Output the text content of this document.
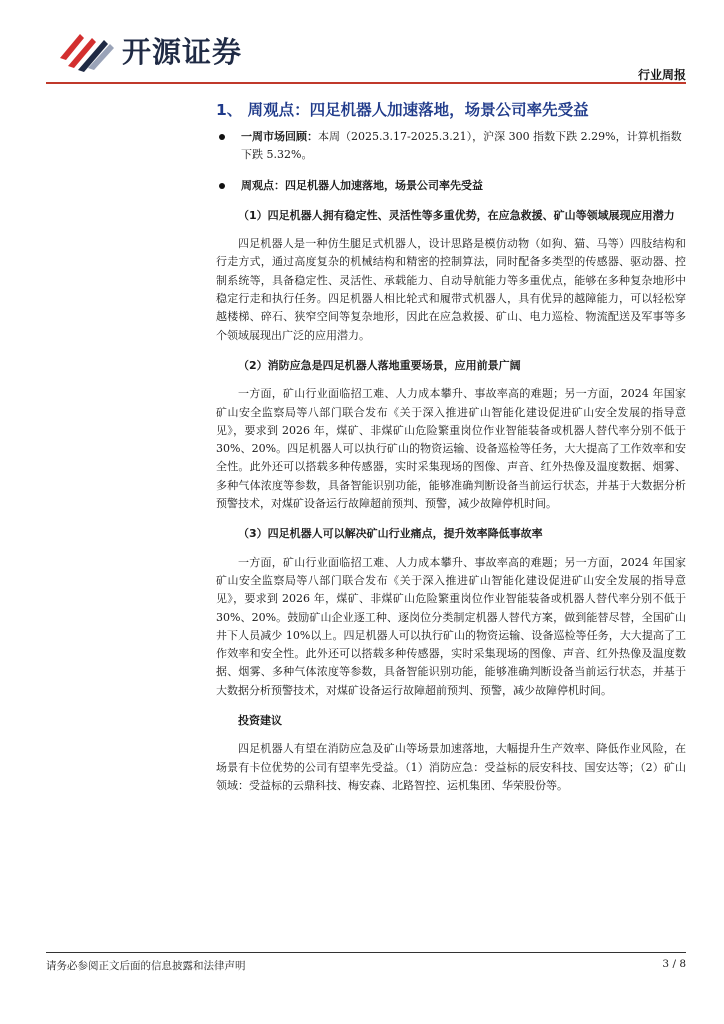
开源证券
行业周报
1、 周观点：四足机器人加速落地，场景公司率先受益

一周市场回顾：本周（2025.3.17-2025.3.21），沪深 300 指数下跌 2.29%，计算机指数下跌 5.32%。

周观点：四足机器人加速落地，场景公司率先受益

（1）四足机器人拥有稳定性、灵活性等多重优势，在应急救援、矿山等领域展现应用潜力

四足机器人是一种仿生腿足式机器人，设计思路是模仿动物（如狗、猫、马等）四肢结构和行走方式，通过高度复杂的机械结构和精密的控制算法，同时配备多类型的传感器、驱动器、控制系统等，具备稳定性、灵活性、承载能力、自动导航能力等多重优点，能够在多种复杂地形中稳定行走和执行任务。四足机器人相比轮式和履带式机器人，具有优异的越障能力，可以轻松穿越楼梯、碎石、狭窄空间等复杂地形，因此在应急救援、矿山、电力巡检、物流配送及军事等多个领域展现出广泛的应用潜力。

（2）消防应急是四足机器人落地重要场景，应用前景广阔

一方面，矿山行业面临招工难、人力成本攀升、事故率高的难题；另一方面，2024 年国家矿山安全监察局等八部门联合发布《关于深入推进矿山智能化建设促进矿山安全发展的指导意见》，要求到 2026 年，煤矿、非煤矿山危险繁重岗位作业智能装备或机器人替代率分别不低于 30%、20%。四足机器人可以执行矿山的物资运输、设备巡检等任务，大大提高了工作效率和安全性。此外还可以搭载多种传感器，实时采集现场的图像、声音、红外热像及温度数据、烟雾、多种气体浓度等参数，具备智能识别功能，能够准确判断设备当前运行状态，并基于大数据分析预警技术，对煤矿设备运行故障超前预判、预警，减少故障停机时间。

（3）四足机器人可以解决矿山行业痛点，提升效率降低事故率

一方面，矿山行业面临招工难、人力成本攀升、事故率高的难题；另一方面，2024 年国家矿山安全监察局等八部门联合发布《关于深入推进矿山智能化建设促进矿山安全发展的指导意见》，要求到 2026 年，煤矿、非煤矿山危险繁重岗位作业智能装备或机器人替代率分别不低于 30%、20%。鼓励矿山企业逐工种、逐岗位分类制定机器人替代方案，做到能替尽替，全国矿山井下人员减少 10%以上。四足机器人可以执行矿山的物资运输、设备巡检等任务，大大提高了工作效率和安全性。此外还可以搭载多种传感器，实时采集现场的图像、声音、红外热像及温度数据、烟雾、多种气体浓度等参数，具备智能识别功能，能够准确判断设备当前运行状态，并基于大数据分析预警技术，对煤矿设备运行故障超前预判、预警，减少故障停机时间。

投资建议

四足机器人有望在消防应急及矿山等场景加速落地，大幅提升生产效率、降低作业风险，在场景有卡位优势的公司有望率先受益。（1）消防应急：受益标的辰安科技、国安达等；（2）矿山领域：受益标的云鼎科技、梅安森、北路智控、运机集团、华荣股份等。

请务必参阅正文后面的信息披露和法律声明	3 / 8
